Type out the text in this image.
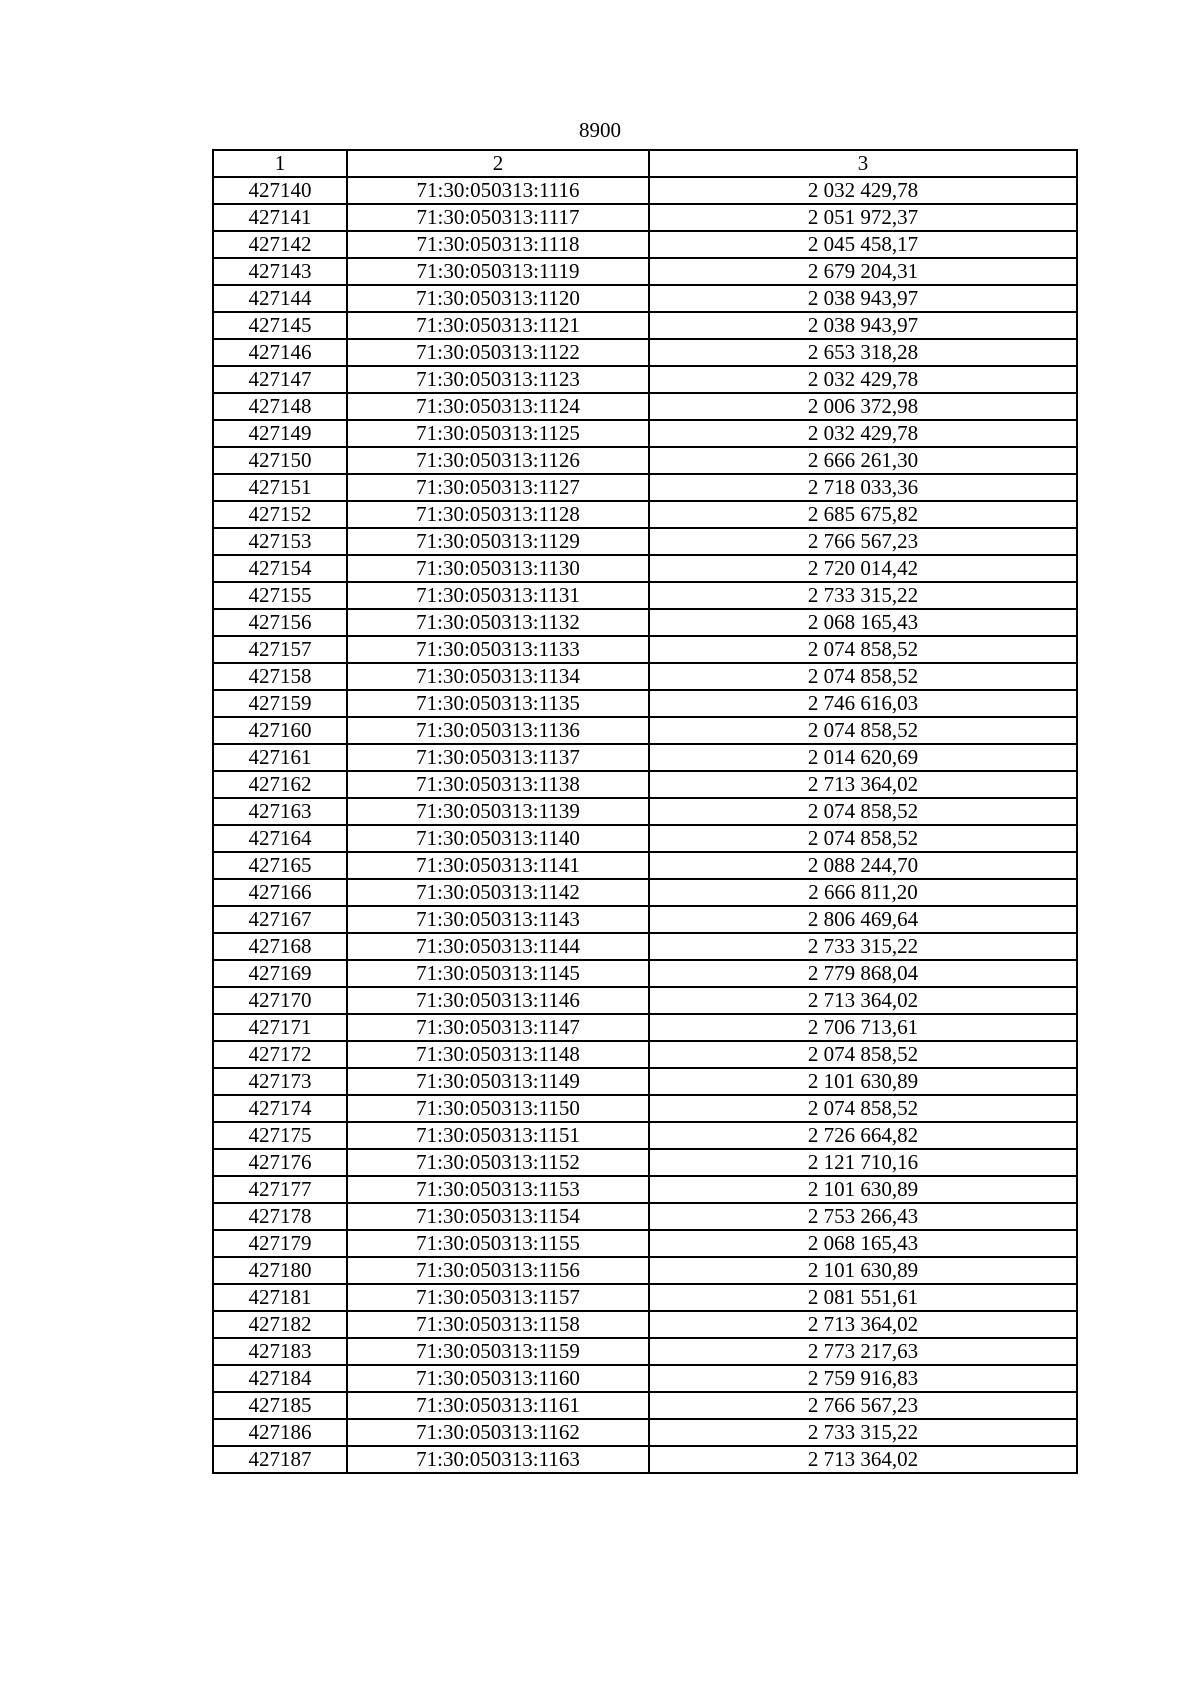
8900
1	2	3
427140	71:30:050313:1116	2 032 429,78
427141	71:30:050313:1117	2 051 972,37
427142	71:30:050313:1118	2 045 458,17
427143	71:30:050313:1119	2 679 204,31
427144	71:30:050313:1120	2 038 943,97
427145	71:30:050313:1121	2 038 943,97
427146	71:30:050313:1122	2 653 318,28
427147	71:30:050313:1123	2 032 429,78
427148	71:30:050313:1124	2 006 372,98
427149	71:30:050313:1125	2 032 429,78
427150	71:30:050313:1126	2 666 261,30
427151	71:30:050313:1127	2 718 033,36
427152	71:30:050313:1128	2 685 675,82
427153	71:30:050313:1129	2 766 567,23
427154	71:30:050313:1130	2 720 014,42
427155	71:30:050313:1131	2 733 315,22
427156	71:30:050313:1132	2 068 165,43
427157	71:30:050313:1133	2 074 858,52
427158	71:30:050313:1134	2 074 858,52
427159	71:30:050313:1135	2 746 616,03
427160	71:30:050313:1136	2 074 858,52
427161	71:30:050313:1137	2 014 620,69
427162	71:30:050313:1138	2 713 364,02
427163	71:30:050313:1139	2 074 858,52
427164	71:30:050313:1140	2 074 858,52
427165	71:30:050313:1141	2 088 244,70
427166	71:30:050313:1142	2 666 811,20
427167	71:30:050313:1143	2 806 469,64
427168	71:30:050313:1144	2 733 315,22
427169	71:30:050313:1145	2 779 868,04
427170	71:30:050313:1146	2 713 364,02
427171	71:30:050313:1147	2 706 713,61
427172	71:30:050313:1148	2 074 858,52
427173	71:30:050313:1149	2 101 630,89
427174	71:30:050313:1150	2 074 858,52
427175	71:30:050313:1151	2 726 664,82
427176	71:30:050313:1152	2 121 710,16
427177	71:30:050313:1153	2 101 630,89
427178	71:30:050313:1154	2 753 266,43
427179	71:30:050313:1155	2 068 165,43
427180	71:30:050313:1156	2 101 630,89
427181	71:30:050313:1157	2 081 551,61
427182	71:30:050313:1158	2 713 364,02
427183	71:30:050313:1159	2 773 217,63
427184	71:30:050313:1160	2 759 916,83
427185	71:30:050313:1161	2 766 567,23
427186	71:30:050313:1162	2 733 315,22
427187	71:30:050313:1163	2 713 364,02
